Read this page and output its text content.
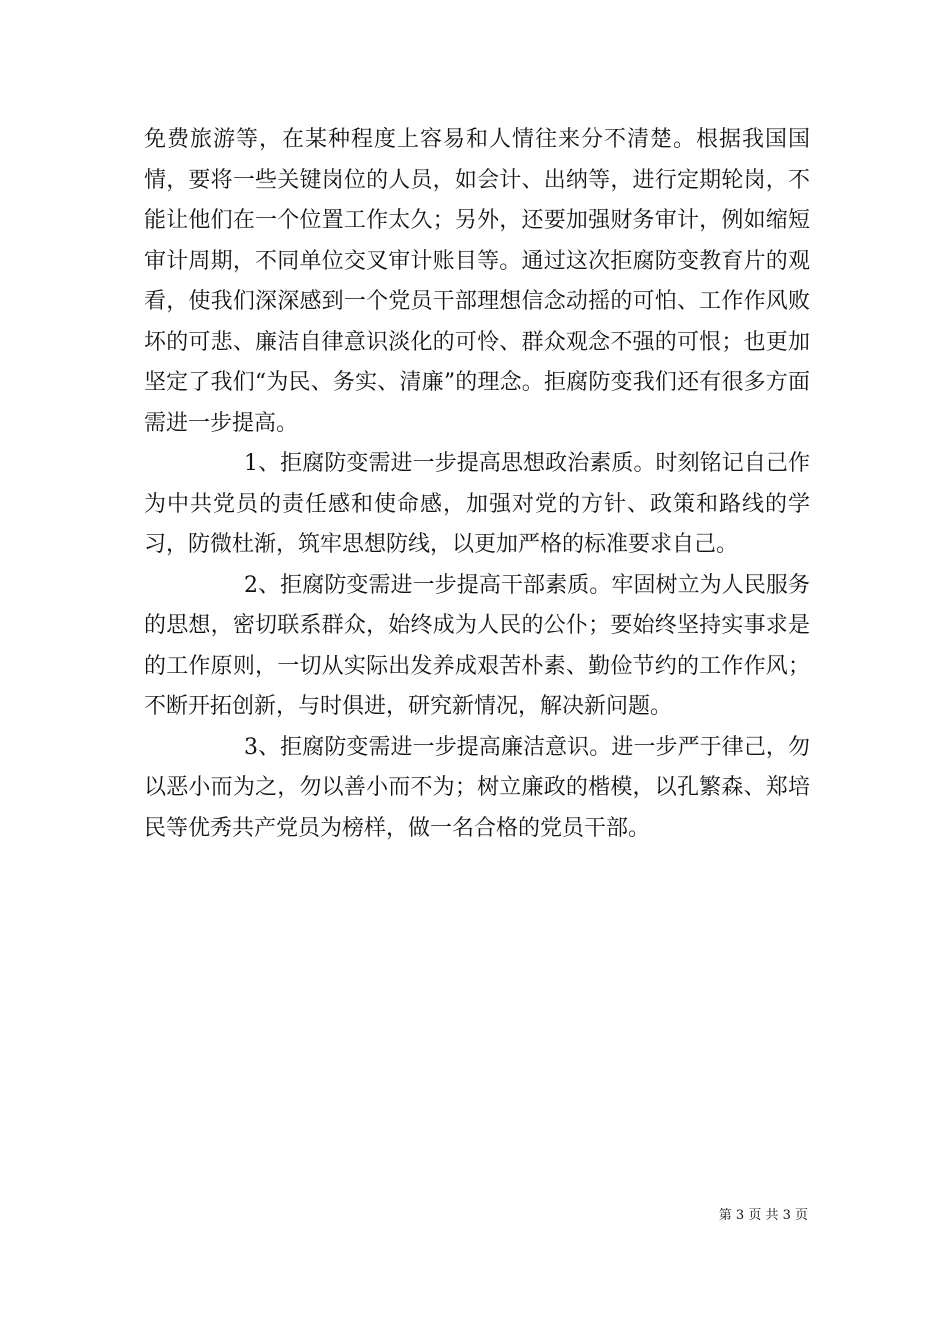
免费旅游等，在某种程度上容易和人情往来分不清楚。根据我国国情，要将一些关键岗位的人员，如会计、出纳等，进行定期轮岗，不能让他们在一个位置工作太久；另外，还要加强财务审计，例如缩短审计周期，不同单位交叉审计账目等。通过这次拒腐防变教育片的观看，使我们深深感到一个党员干部理想信念动摇的可怕、工作作风败坏的可悲、廉洁自律意识淡化的可怜、群众观念不强的可恨；也更加坚定了我们“为民、务实、清廉”的理念。拒腐防变我们还有很多方面需进一步提高。

1、拒腐防变需进一步提高思想政治素质。时刻铭记自己作为中共党员的责任感和使命感，加强对党的方针、政策和路线的学习，防微杜渐，筑牢思想防线，以更加严格的标准要求自己。

2、拒腐防变需进一步提高干部素质。牢固树立为人民服务的思想，密切联系群众，始终成为人民的公仆；要始终坚持实事求是的工作原则，一切从实际出发养成艰苦朴素、勤俭节约的工作作风；不断开拓创新，与时俱进，研究新情况，解决新问题。

3、拒腐防变需进一步提高廉洁意识。进一步严于律己，勿以恶小而为之，勿以善小而不为；树立廉政的楷模，以孔繁森、郑培民等优秀共产党员为榜样，做一名合格的党员干部。

第 3 页 共 3 页
